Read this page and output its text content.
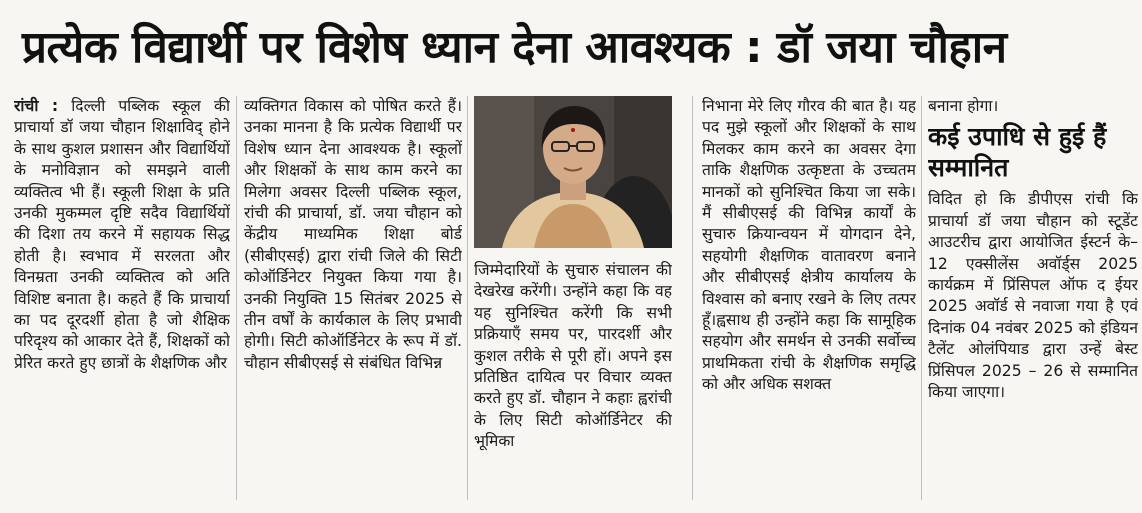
प्रत्येक विद्यार्थी पर विशेष ध्यान देना आवश्यक : डॉ जया चौहान

रांची : दिल्ली पब्लिक स्कूल की प्राचार्या डॉ जया चौहान शिक्षाविद् होने के साथ कुशल प्रशासन और विद्यार्थियों के मनोविज्ञान को समझने वाली व्यक्तित्व भी हैं। स्कूली शिक्षा के प्रति उनकी मुकम्मल दृष्टि सदैव विद्यार्थियों की दिशा तय करने में सहायक सिद्ध होती है। स्वभाव में सरलता और विनम्रता उनकी व्यक्तित्व को अति विशिष्ट बनाता है। कहते हैं कि प्राचार्या का पद दूरदर्शी होता है जो शैक्षिक परिदृश्य को आकार देते हैं, शिक्षकों को प्रेरित करते हुए छात्रों के शैक्षणिक और

व्यक्तिगत विकास को पोषित करते हैं। उनका मानना है कि प्रत्येक विद्यार्थी पर विशेष ध्यान देना आवश्यक है। स्कूलों और शिक्षकों के साथ काम करने का मिलेगा अवसर दिल्ली पब्लिक स्कूल, रांची की प्राचार्या, डॉ. जया चौहान को केंद्रीय माध्यमिक शिक्षा बोर्ड (सीबीएसई) द्वारा रांची जिले की सिटी कोऑर्डिनेटर नियुक्त किया गया है। उनकी नियुक्ति 15 सितंबर 2025 से तीन वर्षों के कार्यकाल के लिए प्रभावी होगी। सिटी कोऑर्डिनेटर के रूप में डॉ. चौहान सीबीएसई से संबंधित विभिन्न

जिम्मेदारियों के सुचारु संचालन की देखरेख करेंगी। उन्होंने कहा कि वह यह सुनिश्चित करेंगी कि सभी प्रक्रियाएँ समय पर, पारदर्शी और कुशल तरीके से पूरी हों। अपने इस प्रतिष्ठित दायित्व पर विचार व्यक्त करते हुए डॉ. चौहान ने कहाः ह्वरांची के लिए सिटी कोऑर्डिनेटर की भूमिका

निभाना मेरे लिए गौरव की बात है। यह पद मुझे स्कूलों और शिक्षकों के साथ मिलकर काम करने का अवसर देगा ताकि शैक्षणिक उत्कृष्टता के उच्चतम मानकों को सुनिश्चित किया जा सके। मैं सीबीएसई की विभिन्न कार्यों के सुचारु क्रियान्वयन में योगदान देने, सहयोगी शैक्षणिक वातावरण बनाने और सीबीएसई क्षेत्रीय कार्यालय के विश्वास को बनाए रखने के लिए तत्पर हूँ।ह्वसाथ ही उन्होंने कहा कि सामूहिक सहयोग और समर्थन से उनकी सर्वोच्च प्राथमिकता रांची के शैक्षणिक समृद्धि को और अधिक सशक्त

बनाना होगा।

कई उपाधि से हुई हैं सम्मानित

विदित हो कि डीपीएस रांची कि प्राचार्या डॉ जया चौहान को स्टूडेंट आउटरीच द्वारा आयोजित ईस्टर्न के–12 एक्सीलेंस अवॉर्ड्स 2025 कार्यक्रम में प्रिंसिपल ऑफ द ईयर 2025 अवॉर्ड से नवाजा गया है एवं दिनांक 04 नवंबर 2025 को इंडियन टैलेंट ओलंपियाड द्वारा उन्हें बेस्ट प्रिंसिपल 2025 – 26 से सम्मानित किया जाएगा।
